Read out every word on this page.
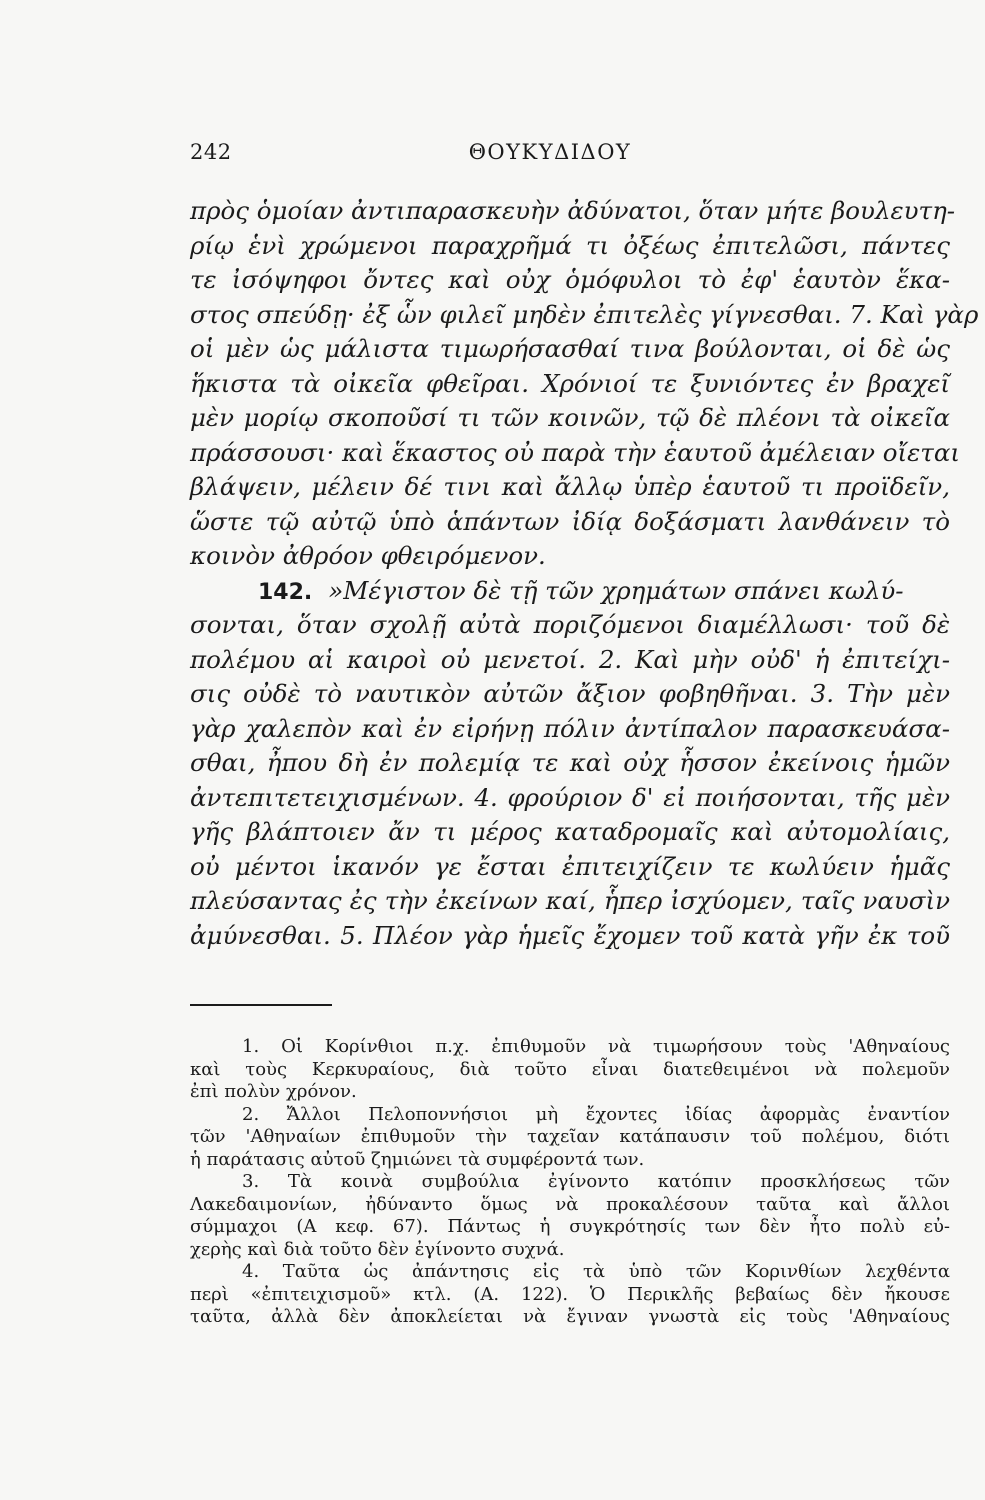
242	ΘΟΥΚΥΔΙΔΟΥ
πρὸς ὁμοίαν ἀντιπαρασκευὴν ἀδύνατοι, ὅταν μήτε βουλευτη-
ρίῳ ἑνὶ χρώμενοι παραχρῆμά τι ὀξέως ἐπιτελῶσι, πάντες
τε ἰσόψηφοι ὄντες καὶ οὐχ ὁμόφυλοι τὸ ἐφ' ἑαυτὸν ἕκα-
στος σπεύδῃ· ἐξ ὧν φιλεῖ μηδὲν ἐπιτελὲς γίγνεσθαι. 7. Καὶ γὰρ
οἱ μὲν ὡς μάλιστα τιμωρήσασθαί τινα βούλονται, οἱ δὲ ὡς
ἥκιστα τὰ οἰκεῖα φθεῖραι. Χρόνιοί τε ξυνιόντες ἐν βραχεῖ
μὲν μορίῳ σκοποῦσί τι τῶν κοινῶν, τῷ δὲ πλέονι τὰ οἰκεῖα
πράσσουσι· καὶ ἕκαστος οὐ παρὰ τὴν ἑαυτοῦ ἀμέλειαν οἴεται
βλάψειν, μέλειν δέ τινι καὶ ἄλλῳ ὑπὲρ ἑαυτοῦ τι προϊδεῖν,
ὥστε τῷ αὐτῷ ὑπὸ ἁπάντων ἰδίᾳ δοξάσματι λανθάνειν τὸ
κοινὸν ἀθρόον φθειρόμενον.
142. »Μέγιστον δὲ τῇ τῶν χρημάτων σπάνει κωλύ-
σονται, ὅταν σχολῇ αὐτὰ ποριζόμενοι διαμέλλωσι· τοῦ δὲ
πολέμου αἱ καιροὶ οὐ μενετοί. 2. Καὶ μὴν οὐδ' ἡ ἐπιτείχι-
σις οὐδὲ τὸ ναυτικὸν αὐτῶν ἄξιον φοβηθῆναι. 3. Τὴν μὲν
γὰρ χαλεπὸν καὶ ἐν εἰρήνῃ πόλιν ἀντίπαλον παρασκευάσα-
σθαι, ἦπου δὴ ἐν πολεμίᾳ τε καὶ οὐχ ἧσσον ἐκείνοις ἡμῶν
ἀντεπιτετειχισμένων. 4. φρούριον δ' εἰ ποιήσονται, τῆς μὲν
γῆς βλάπτοιεν ἄν τι μέρος καταδρομαῖς καὶ αὐτομολίαις,
οὐ μέντοι ἱκανόν γε ἔσται ἐπιτειχίζειν τε κωλύειν ἡμᾶς
πλεύσαντας ἐς τὴν ἐκείνων καί, ἧπερ ἰσχύομεν, ταῖς ναυσὶν
ἀμύνεσθαι. 5. Πλέον γὰρ ἡμεῖς ἔχομεν τοῦ κατὰ γῆν ἐκ τοῦ
1. Οἱ Κορίνθιοι π.χ. ἐπιθυμοῦν νὰ τιμωρήσουν τοὺς 'Αθηναίους
καὶ τοὺς Κερκυραίους, διὰ τοῦτο εἶναι διατεθειμένοι νὰ πολεμοῦν
ἐπὶ πολὺν χρόνον.
2. Ἄλλοι Πελοποννήσιοι μὴ ἔχοντες ἰδίας ἀφορμὰς ἐναντίον
τῶν 'Αθηναίων ἐπιθυμοῦν τὴν ταχεῖαν κατάπαυσιν τοῦ πολέμου, διότι
ἡ παράτασις αὐτοῦ ζημιώνει τὰ συμφέροντά των.
3. Τὰ κοινὰ συμβούλια ἐγίνοντο κατόπιν προσκλήσεως τῶν
Λακεδαιμονίων, ἠδύναντο ὅμως νὰ προκαλέσουν ταῦτα καὶ ἄλλοι
σύμμαχοι (Α κεφ. 67). Πάντως ἡ συγκρότησίς των δὲν ἦτο πολὺ εὐ-
χερὴς καὶ διὰ τοῦτο δὲν ἐγίνοντο συχνά.
4. Ταῦτα ὡς ἀπάντησις εἰς τὰ ὑπὸ τῶν Κορινθίων λεχθέντα
περὶ «ἐπιτειχισμοῦ» κτλ. (Α. 122). Ὁ Περικλῆς βεβαίως δὲν ἤκουσε
ταῦτα, ἀλλὰ δὲν ἀποκλείεται νὰ ἔγιναν γνωστὰ εἰς τοὺς 'Αθηναίους
